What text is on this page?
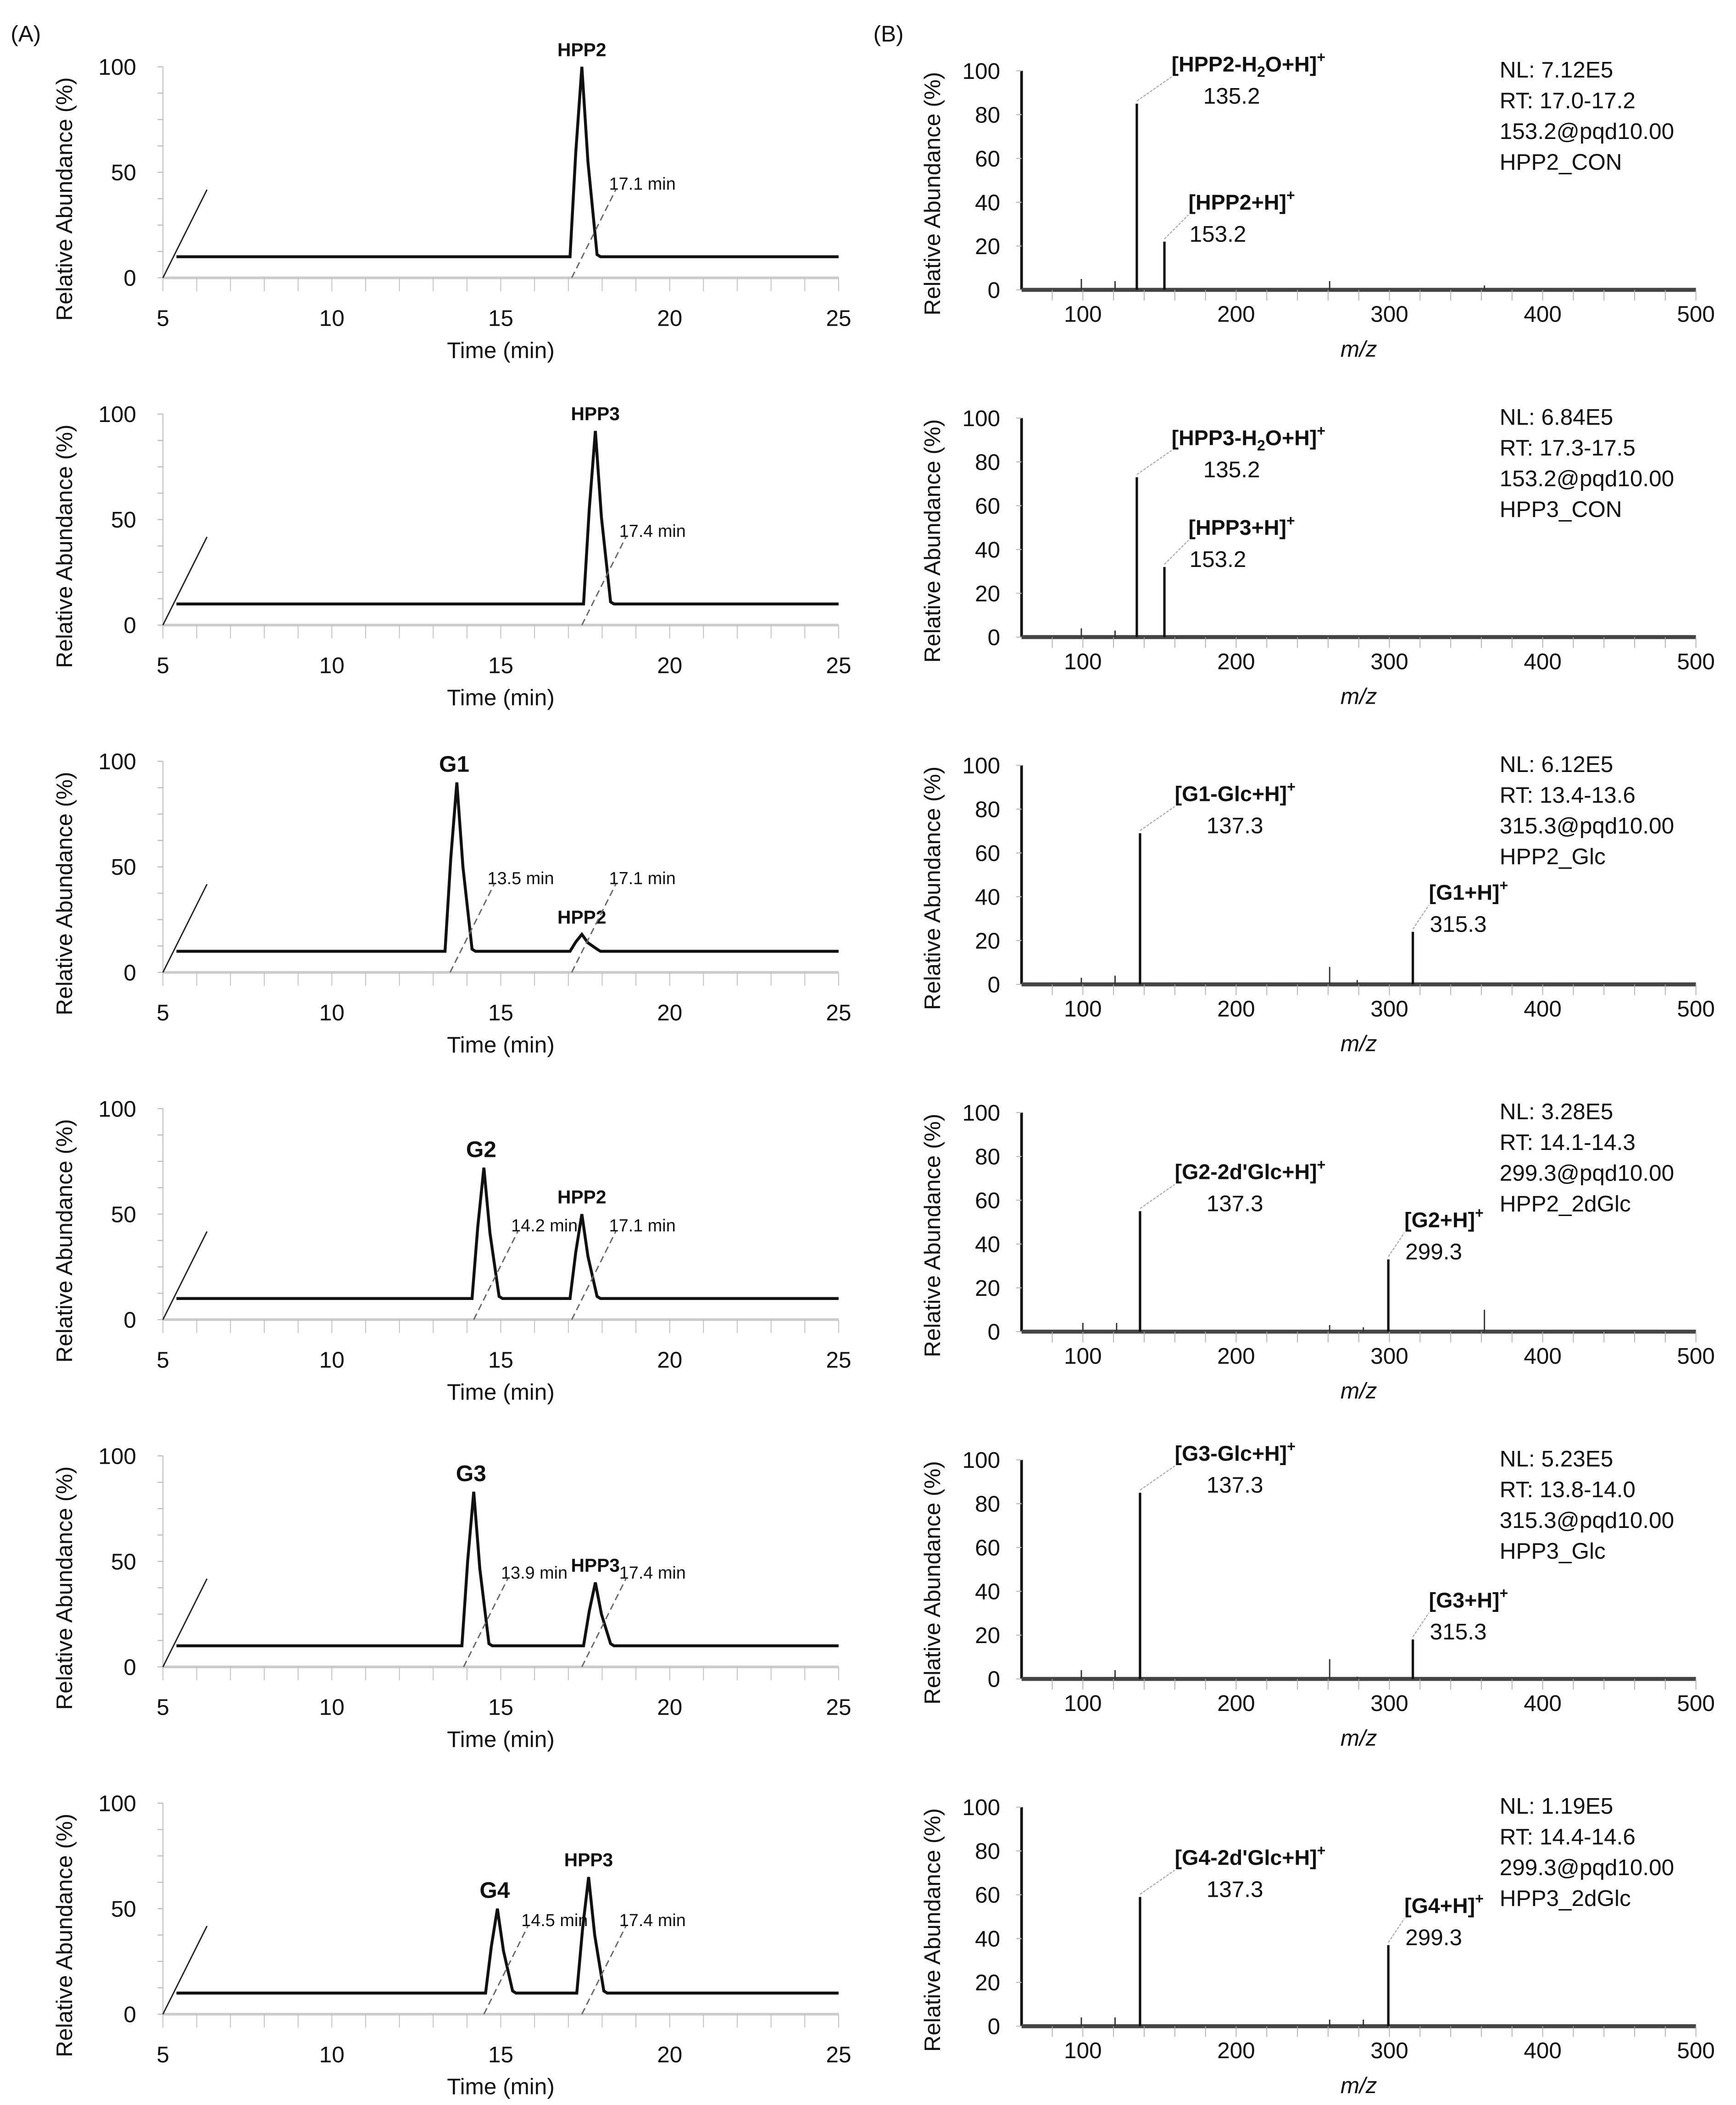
(A)	(B)
0
50
100
5	10	15	20	25
Time (min)
Relative Abundance (%)
HPP2
17.1 min
0
50
100
5	10	15	20	25
Time (min)
Relative Abundance (%)
HPP3
17.4 min
0
50
100
5	10	15	20	25
Time (min)
Relative Abundance (%)
G1
13.5 min
HPP2
17.1 min
0
50
100
5	10	15	20	25
Time (min)
Relative Abundance (%)	G2
14.2 min
HPP2
17.1 min
0
50
100
5	10	15	20	25
Time (min)
Relative Abundance (%)	G3
13.9 min HPP3
17.4 min
0
50
100
5	10	15	20	25
Time (min)
Relative Abundance (%)	G4
14.5 min
HPP3
17.4 min
0
20
40
60
80
100
100	200	300	400	500
m/z
Relative Abundance (%)
$[HPP2-H_2O+H]^+$
135.2
[HPP2+H]+
153.2
NL: 7.12E5
RT: 17.0-17.2
153.2@pqd10.00
HPP2_CON
0
20
40
60
80
100
100	200	300	400	500
m/z
Relative Abundance (%)	$[HPP3-H_2O+H]^+$
135.2
[HPP3+H]+
153.2
NL: 6.84E5
RT: 17.3-17.5
153.2@pqd10.00
HPP3_CON
0
20
40
60
80
100
100	200	300	400	500
m/z
Relative Abundance (%)	[G1-Glc+H]+
137.3
[G1+H]+
315.3
NL: 6.12E5
RT: 13.4-13.6
315.3@pqd10.00
HPP2_Glc
0
20
40
60
80
100
100	200	300	400	500
m/z
Relative Abundance (%)	[G2-2d'Glc+H]+
137.3
[G2+H]+
299.3
NL: 3.28E5
RT: 14.1-14.3
299.3@pqd10.00
HPP2_2dGlc
0
20
40
60
80
100
100	200	300	400	500
m/z
Relative Abundance (%)
[G3-Glc+H]+
137.3
[G3+H]+
315.3
NL: 5.23E5
RT: 13.8-14.0
315.3@pqd10.00
HPP3_Glc
0
20
40
60
80
100
100	200	300	400	500
m/z
Relative Abundance (%)	[G4-2d'Glc+H]+
137.3
[G4+H]+
299.3
NL: 1.19E5
RT: 14.4-14.6
299.3@pqd10.00
HPP3_2dGlc
